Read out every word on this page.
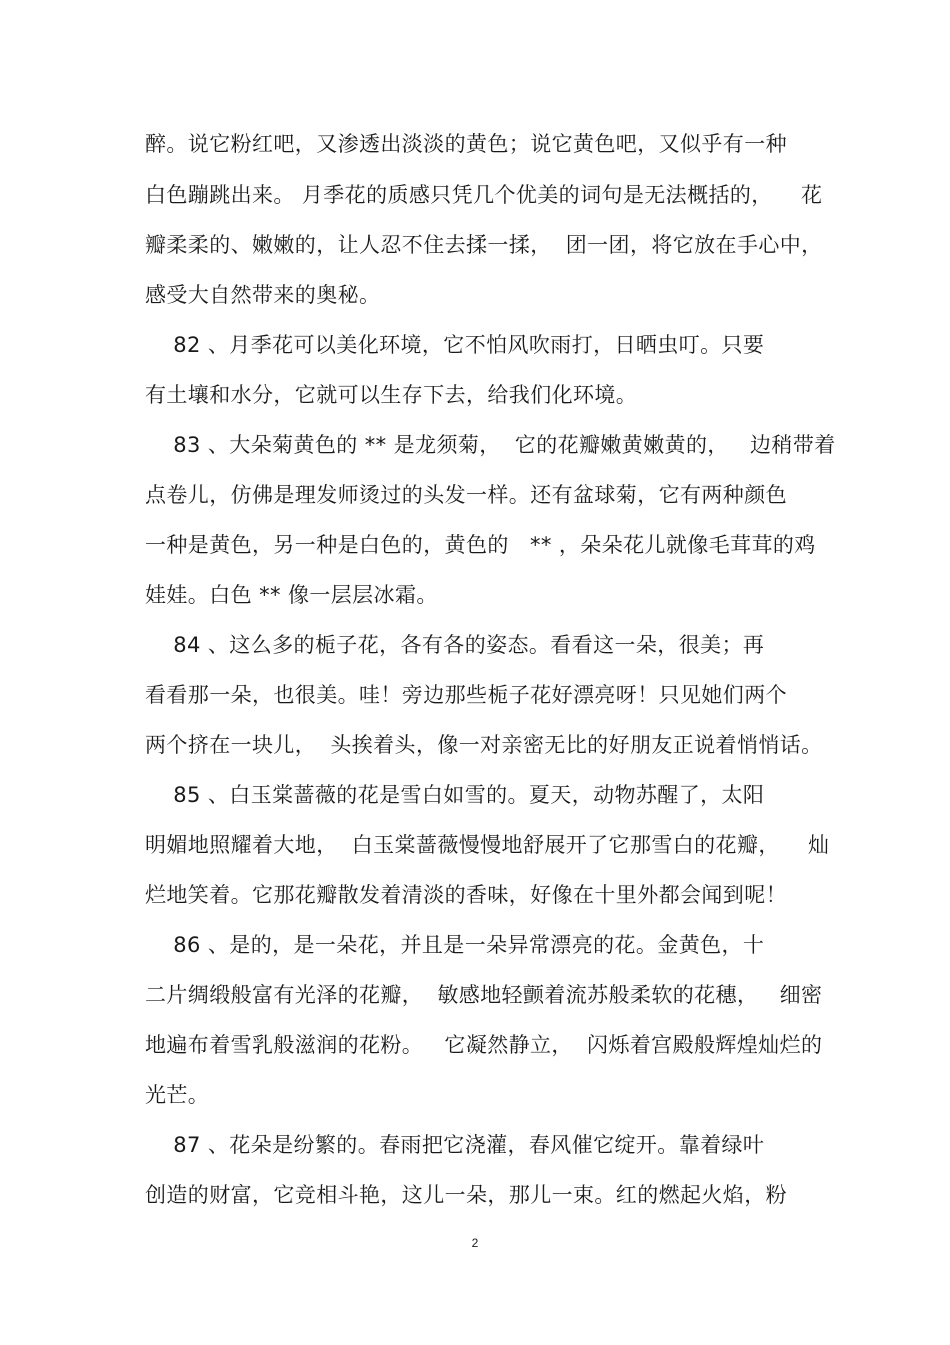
醉。说它粉红吧，又渗透出淡淡的黄色；说它黄色吧，又似乎有一种
白色蹦跳出来。 月季花的质感只凭几个优美的词句是无法概括的，    花
瓣柔柔的、嫩嫩的，让人忍不住去揉一揉，  团一团，将它放在手心中，
感受大自然带来的奥秘。
82 、月季花可以美化环境，它不怕风吹雨打，日晒虫叮。只要
有土壤和水分，它就可以生存下去，给我们化环境。
83 、大朵菊黄色的 ** 是龙须菊，  它的花瓣嫩黄嫩黄的，   边稍带着
点卷儿，仿佛是理发师烫过的头发一样。还有盆球菊，它有两种颜色
一种是黄色，另一种是白色的，黄色的   ** ，朵朵花儿就像毛茸茸的鸡
娃娃。白色 ** 像一层层冰霜。
84 、这么多的栀子花，各有各的姿态。看看这一朵，很美；再
看看那一朵，也很美。哇！旁边那些栀子花好漂亮呀！只见她们两个
两个挤在一块儿，  头挨着头，像一对亲密无比的好朋友正说着悄悄话。
85 、白玉棠蔷薇的花是雪白如雪的。夏天，动物苏醒了，太阳
明媚地照耀着大地，  白玉棠蔷薇慢慢地舒展开了它那雪白的花瓣，    灿
烂地笑着。它那花瓣散发着清淡的香味，好像在十里外都会闻到呢！
86 、是的，是一朵花，并且是一朵异常漂亮的花。金黄色，十
二片绸缎般富有光泽的花瓣，  敏感地轻颤着流苏般柔软的花穗，   细密
地遍布着雪乳般滋润的花粉。   它凝然静立，  闪烁着宫殿般辉煌灿烂的
光芒。
87 、花朵是纷繁的。春雨把它浇灌，春风催它绽开。靠着绿叶
创造的财富，它竞相斗艳，这儿一朵，那儿一束。红的燃起火焰，粉
2
